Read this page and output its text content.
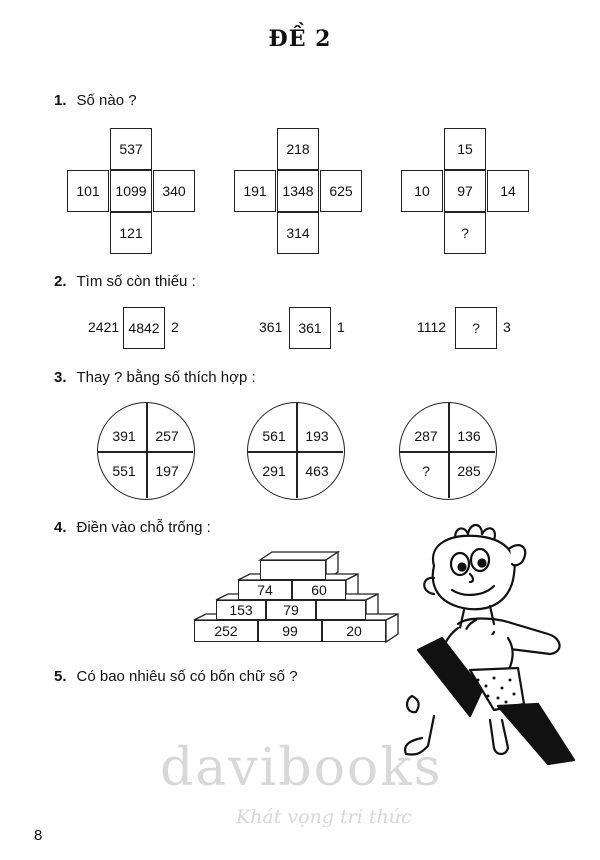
ĐỀ 2
1. Số nào ?
537
101	1099	340
121
218
191	1348	625
314
15
10	97	14
?
2. Tìm số còn thiếu :
2421 4842 2	361	361	1	1112	?	3
3. Thay ? bằng số thích hợp :
391	257
551	197
561	193
291	463
287	136
?	285
4. Điền vào chỗ trống :
74	60
153	79
252	99	20
5. Có bao nhiêu số có bốn chữ số ?
davibooks
Khát vọng tri thức
8
